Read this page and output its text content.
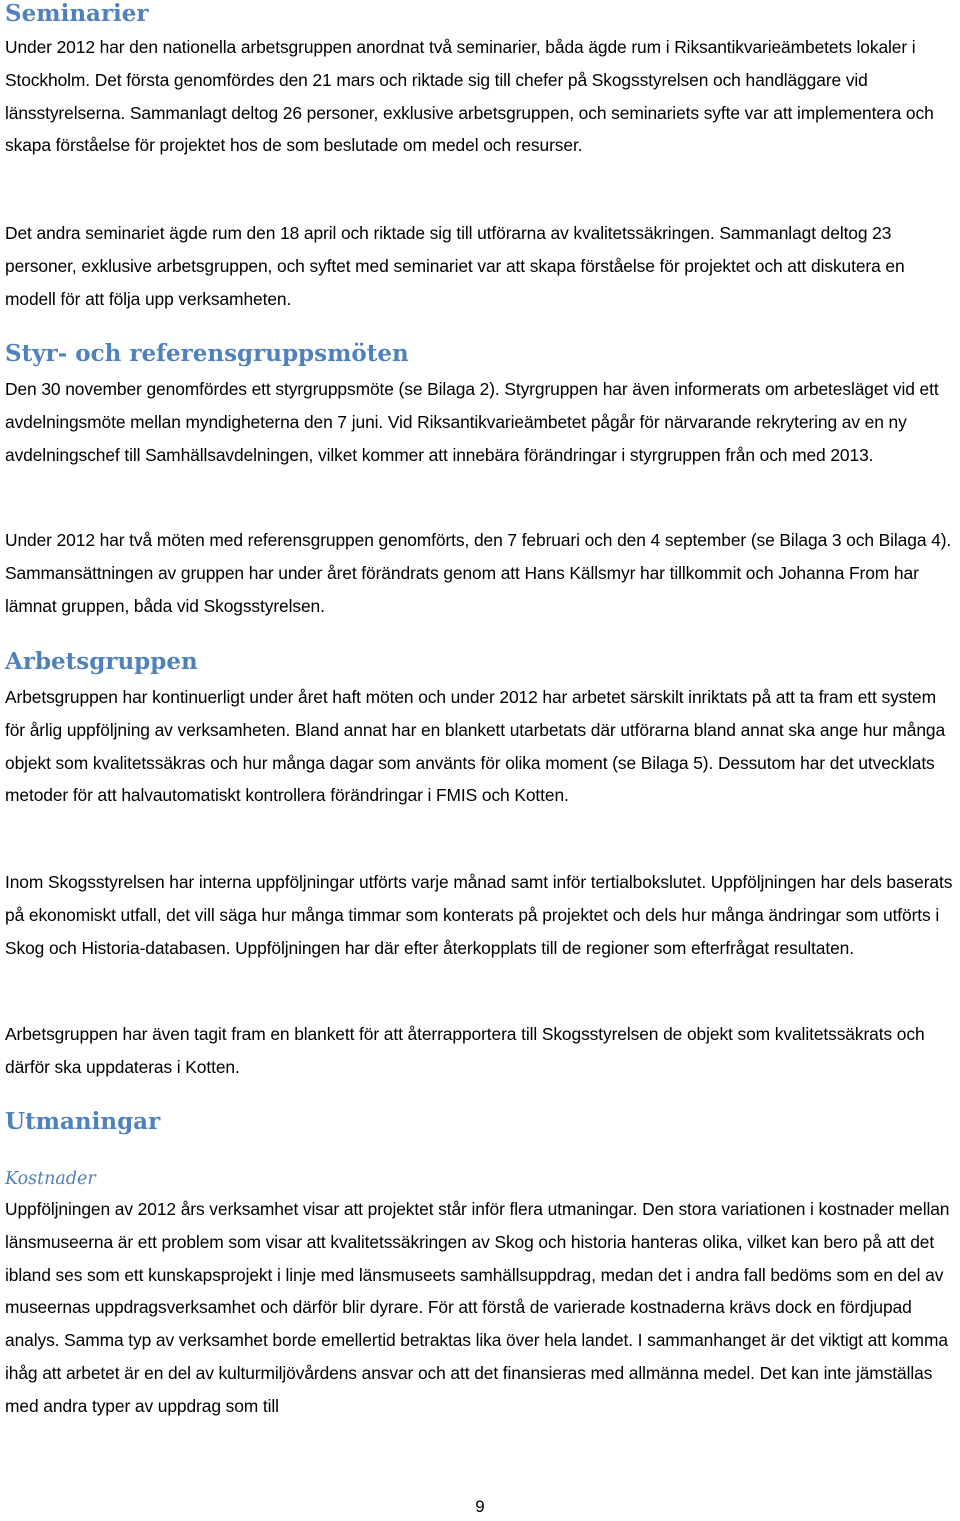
Seminarier

Under 2012 har den nationella arbetsgruppen anordnat två seminarier, båda ägde rum i Riksantikvarieämbetets lokaler i Stockholm. Det första genomfördes den 21 mars och riktade sig till chefer på Skogsstyrelsen och handläggare vid länsstyrelserna. Sammanlagt deltog 26 personer, exklusive arbetsgruppen, och seminariets syfte var att implementera och skapa förståelse för projektet hos de som beslutade om medel och resurser.

Det andra seminariet ägde rum den 18 april och riktade sig till utförarna av kvalitetssäkringen. Sammanlagt deltog 23 personer, exklusive arbetsgruppen, och syftet med seminariet var att skapa förståelse för projektet och att diskutera en modell för att följa upp verksamheten.

Styr- och referensgruppsmöten

Den 30 november genomfördes ett styrgruppsmöte (se Bilaga 2). Styrgruppen har även informerats om arbetesläget vid ett avdelningsmöte mellan myndigheterna den 7 juni. Vid Riksantikvarieämbetet pågår för närvarande rekrytering av en ny avdelningschef till Samhällsavdelningen, vilket kommer att innebära förändringar i styrgruppen från och med 2013.

Under 2012 har två möten med referensgruppen genomförts, den 7 februari och den 4 september (se Bilaga 3 och Bilaga 4). Sammansättningen av gruppen har under året förändrats genom att Hans Källsmyr har tillkommit och Johanna From har lämnat gruppen, båda vid Skogsstyrelsen.

Arbetsgruppen

Arbetsgruppen har kontinuerligt under året haft möten och under 2012 har arbetet särskilt inriktats på att ta fram ett system för årlig uppföljning av verksamheten. Bland annat har en blankett utarbetats där utförarna bland annat ska ange hur många objekt som kvalitetssäkras och hur många dagar som använts för olika moment (se Bilaga 5). Dessutom har det utvecklats metoder för att halvautomatiskt kontrollera förändringar i FMIS och Kotten.

Inom Skogsstyrelsen har interna uppföljningar utförts varje månad samt inför tertialbokslutet. Uppföljningen har dels baserats på ekonomiskt utfall, det vill säga hur många timmar som konterats på projektet och dels hur många ändringar som utförts i Skog och Historia-databasen. Uppföljningen har där efter återkopplats till de regioner som efterfrågat resultaten.

Arbetsgruppen har även tagit fram en blankett för att återrapportera till Skogsstyrelsen de objekt som kvalitetssäkrats och därför ska uppdateras i Kotten.

Utmaningar
Kostnader

Uppföljningen av 2012 års verksamhet visar att projektet står inför flera utmaningar. Den stora variationen i kostnader mellan länsmuseerna är ett problem som visar att kvalitetssäkringen av Skog och historia hanteras olika, vilket kan bero på att det ibland ses som ett kunskapsprojekt i linje med länsmuseets samhällsuppdrag, medan det i andra fall bedöms som en del av museernas uppdragsverksamhet och därför blir dyrare. För att förstå de varierade kostnaderna krävs dock en fördjupad analys. Samma typ av verksamhet borde emellertid betraktas lika över hela landet. I sammanhanget är det viktigt att komma ihåg att arbetet är en del av kulturmiljövårdens ansvar och att det finansieras med allmänna medel. Det kan inte jämställas med andra typer av uppdrag som till

9
